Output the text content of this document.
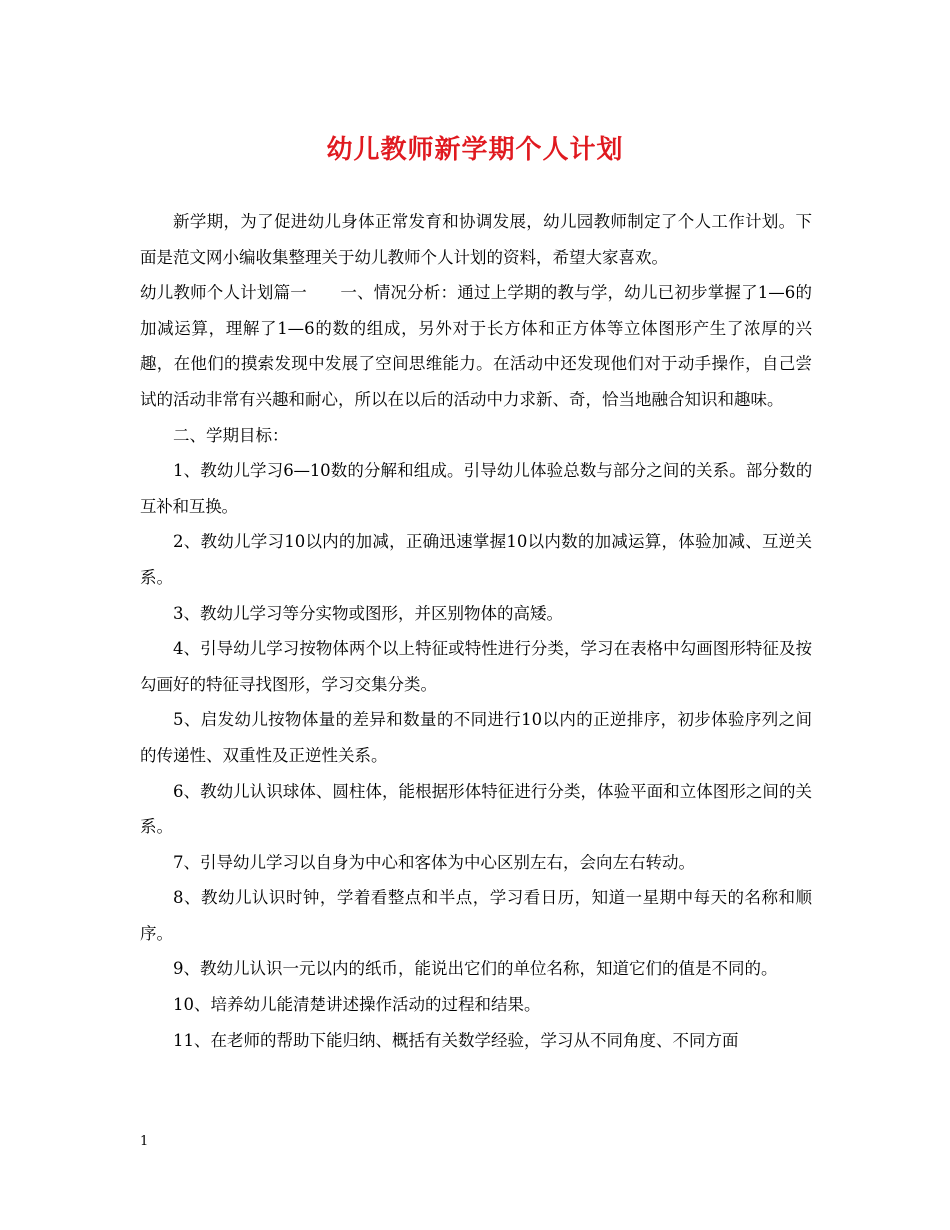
幼儿教师新学期个人计划

新学期，为了促进幼儿身体正常发育和协调发展，幼儿园教师制定了个人工作计划。下面是范文网小编收集整理关于幼儿教师个人计划的资料，希望大家喜欢。

幼儿教师个人计划篇一　　一、情况分析：通过上学期的教与学，幼儿已初步掌握了1—6的加减运算，理解了1—6的数的组成，另外对于长方体和正方体等立体图形产生了浓厚的兴趣，在他们的摸索发现中发展了空间思维能力。在活动中还发现他们对于动手操作，自己尝试的活动非常有兴趣和耐心，所以在以后的活动中力求新、奇，恰当地融合知识和趣味。

二、学期目标：

1、教幼儿学习6—10数的分解和组成。引导幼儿体验总数与部分之间的关系。部分数的互补和互换。

2、教幼儿学习10以内的加减，正确迅速掌握10以内数的加减运算，体验加减、互逆关系。

3、教幼儿学习等分实物或图形，并区别物体的高矮。

4、引导幼儿学习按物体两个以上特征或特性进行分类，学习在表格中勾画图形特征及按勾画好的特征寻找图形，学习交集分类。

5、启发幼儿按物体量的差异和数量的不同进行10以内的正逆排序，初步体验序列之间的传递性、双重性及正逆性关系。

6、教幼儿认识球体、圆柱体，能根据形体特征进行分类，体验平面和立体图形之间的关系。

7、引导幼儿学习以自身为中心和客体为中心区别左右，会向左右转动。

8、教幼儿认识时钟，学着看整点和半点，学习看日历，知道一星期中每天的名称和顺序。

9、教幼儿认识一元以内的纸币，能说出它们的单位名称，知道它们的值是不同的。

10、培养幼儿能清楚讲述操作活动的过程和结果。

11、在老师的帮助下能归纳、概括有关数学经验，学习从不同角度、不同方面

1
